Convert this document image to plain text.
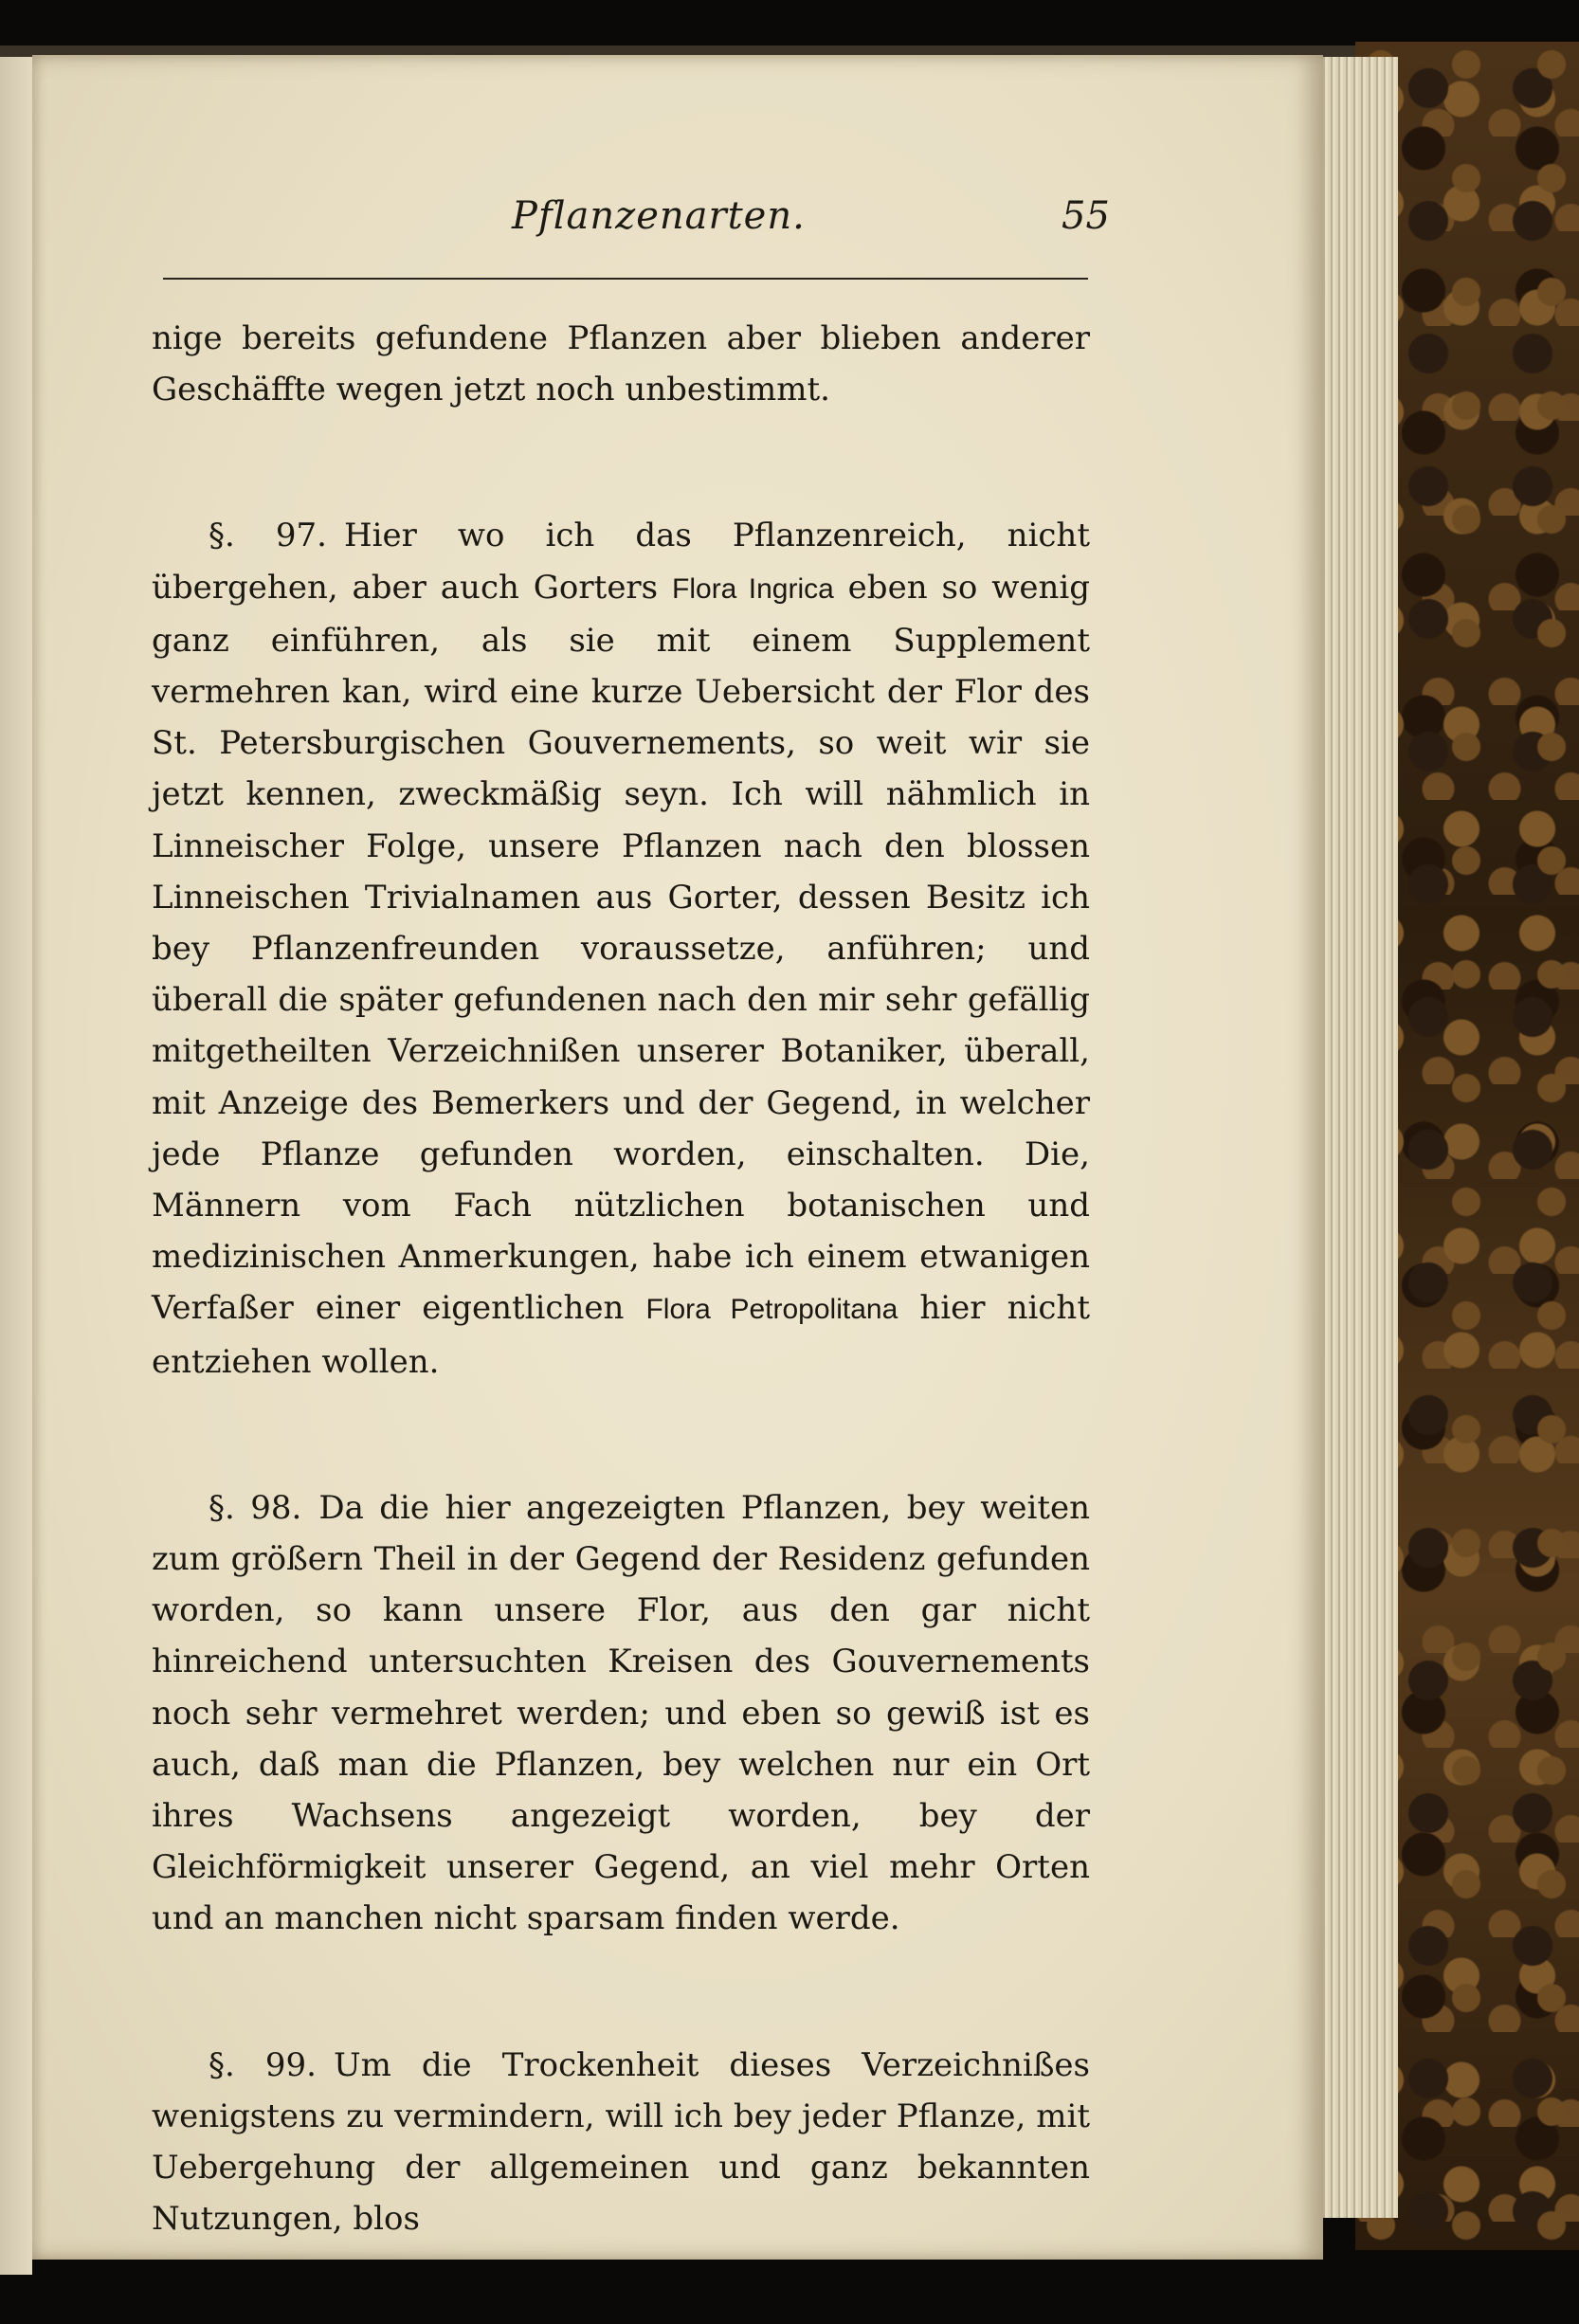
Pflanzenarten.	55

nige bereits gefundene Pflanzen aber blieben anderer Geschäffte wegen jetzt noch unbestimmt.

§. 97. Hier wo ich das Pflanzenreich, nicht übergehen, aber auch Gorters Flora Ingrica eben so wenig ganz einführen, als sie mit einem Supplement vermehren kan, wird eine kurze Uebersicht der Flor des St. Petersburgischen Gouvernements, so weit wir sie jetzt kennen, zweckmäßig seyn. Ich will nähmlich in Linneischer Folge, unsere Pflanzen nach den blossen Linneischen Trivialnamen aus Gorter, dessen Besitz ich bey Pflanzenfreunden voraussetze, anführen; und überall die später gefundenen nach den mir sehr gefällig mitgetheilten Verzeichnißen unserer Botaniker, überall, mit Anzeige des Bemerkers und der Gegend, in welcher jede Pflanze gefunden worden, einschalten. Die, Männern vom Fach nützlichen botanischen und medizinischen Anmerkungen, habe ich einem etwanigen Verfaßer einer eigentlichen Flora Petropolitana hier nicht entziehen wollen.

§. 98. Da die hier angezeigten Pflanzen, bey weiten zum größern Theil in der Gegend der Residenz gefunden worden, so kann unsere Flor, aus den gar nicht hinreichend untersuchten Kreisen des Gouvernements noch sehr vermehret werden; und eben so gewiß ist es auch, daß man die Pflanzen, bey welchen nur ein Ort ihres Wachsens angezeigt worden, bey der Gleichförmigkeit unserer Gegend, an viel mehr Orten und an manchen nicht sparsam finden werde.

§. 99. Um die Trockenheit dieses Verzeichnißes wenigstens zu vermindern, will ich bey jeder Pflanze, mit Uebergehung der allgemeinen und ganz bekannten Nutzungen, blos
